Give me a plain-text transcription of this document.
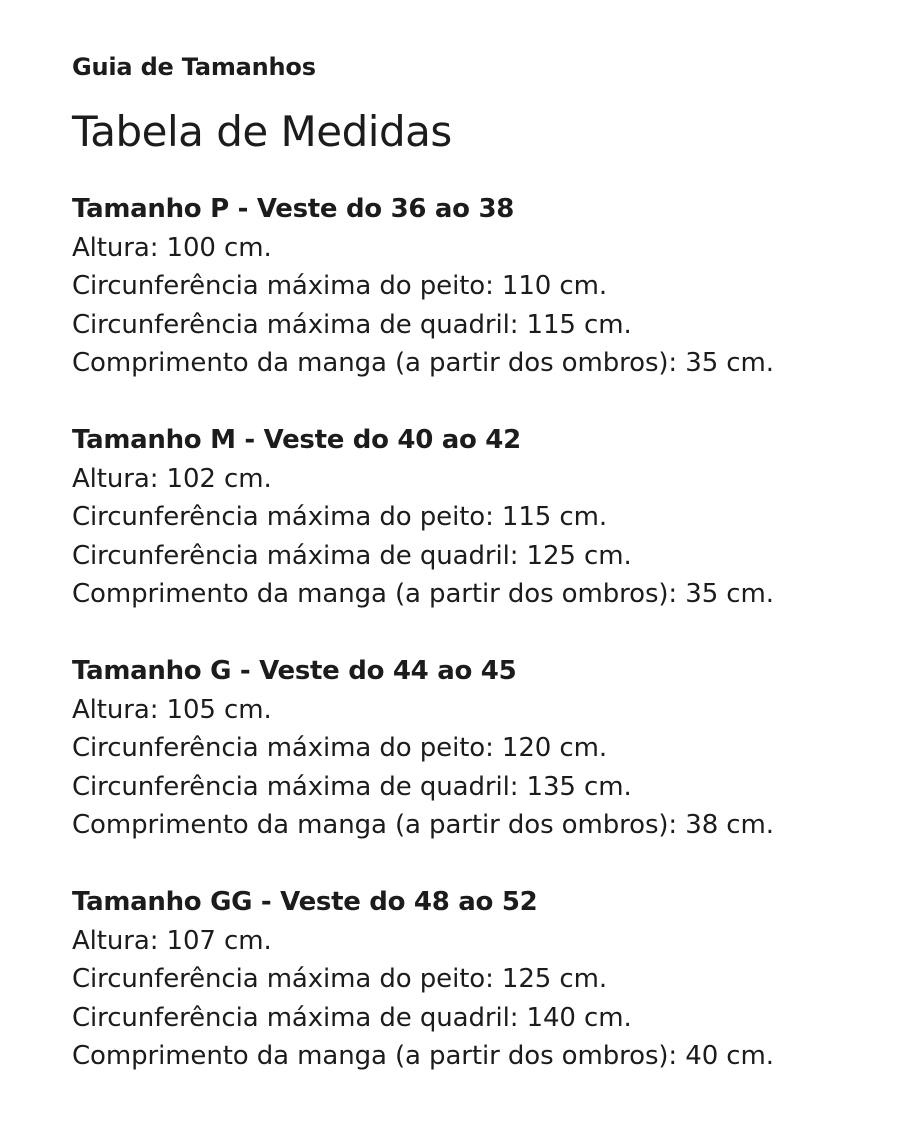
Guia de Tamanhos
Tabela de Medidas

Tamanho P - Veste do 36 ao 38

Altura: 100 cm.

Circunferência máxima do peito: 110 cm.

Circunferência máxima de quadril: 115 cm.

Comprimento da manga (a partir dos ombros): 35 cm.

Tamanho M - Veste do 40 ao 42

Altura: 102 cm.

Circunferência máxima do peito: 115 cm.

Circunferência máxima de quadril: 125 cm.

Comprimento da manga (a partir dos ombros): 35 cm.

Tamanho G - Veste do 44 ao 45

Altura: 105 cm.

Circunferência máxima do peito: 120 cm.

Circunferência máxima de quadril: 135 cm.

Comprimento da manga (a partir dos ombros): 38 cm.

Tamanho GG - Veste do 48 ao 52

Altura: 107 cm.

Circunferência máxima do peito: 125 cm.

Circunferência máxima de quadril: 140 cm.

Comprimento da manga (a partir dos ombros): 40 cm.
